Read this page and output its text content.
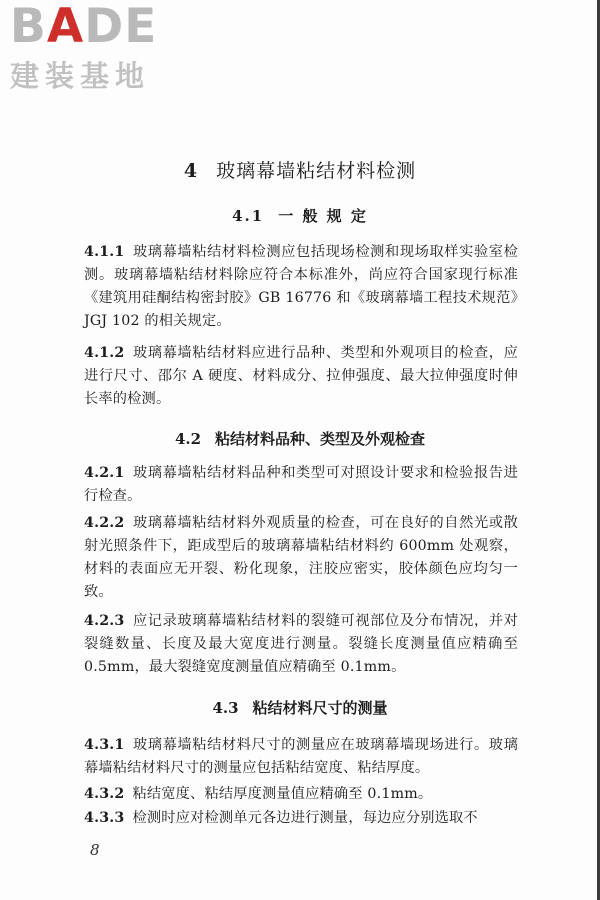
BADE
建装基地
4 玻璃幕墙粘结材料检测
4.1 一 般 规 定
4.1.1 玻璃幕墙粘结材料检测应包括现场检测和现场取样实验室检测。玻璃幕墙粘结材料除应符合本标准外，尚应符合国家现行标准《建筑用硅酮结构密封胶》GB 16776 和《玻璃幕墙工程技术规范》JGJ 102 的相关规定。
4.1.2 玻璃幕墙粘结材料应进行品种、类型和外观项目的检查，应进行尺寸、邵尔 A 硬度、材料成分、拉伸强度、最大拉伸强度时伸长率的检测。
4.2 粘结材料品种、类型及外观检查
4.2.1 玻璃幕墙粘结材料品种和类型可对照设计要求和检验报告进行检查。
4.2.2 玻璃幕墙粘结材料外观质量的检查，可在良好的自然光或散射光照条件下，距成型后的玻璃幕墙粘结材料约 600mm 处观察，材料的表面应无开裂、粉化现象，注胶应密实，胶体颜色应均匀一致。
4.2.3 应记录玻璃幕墙粘结材料的裂缝可视部位及分布情况，并对裂缝数量、长度及最大宽度进行测量。裂缝长度测量值应精确至 0.5mm，最大裂缝宽度测量值应精确至 0.1mm。
4.3 粘结材料尺寸的测量
4.3.1 玻璃幕墙粘结材料尺寸的测量应在玻璃幕墙现场进行。玻璃幕墙粘结材料尺寸的测量应包括粘结宽度、粘结厚度。
4.3.2 粘结宽度、粘结厚度测量值应精确至 0.1mm。
4.3.3 检测时应对检测单元各边进行测量，每边应分别选取不
8
